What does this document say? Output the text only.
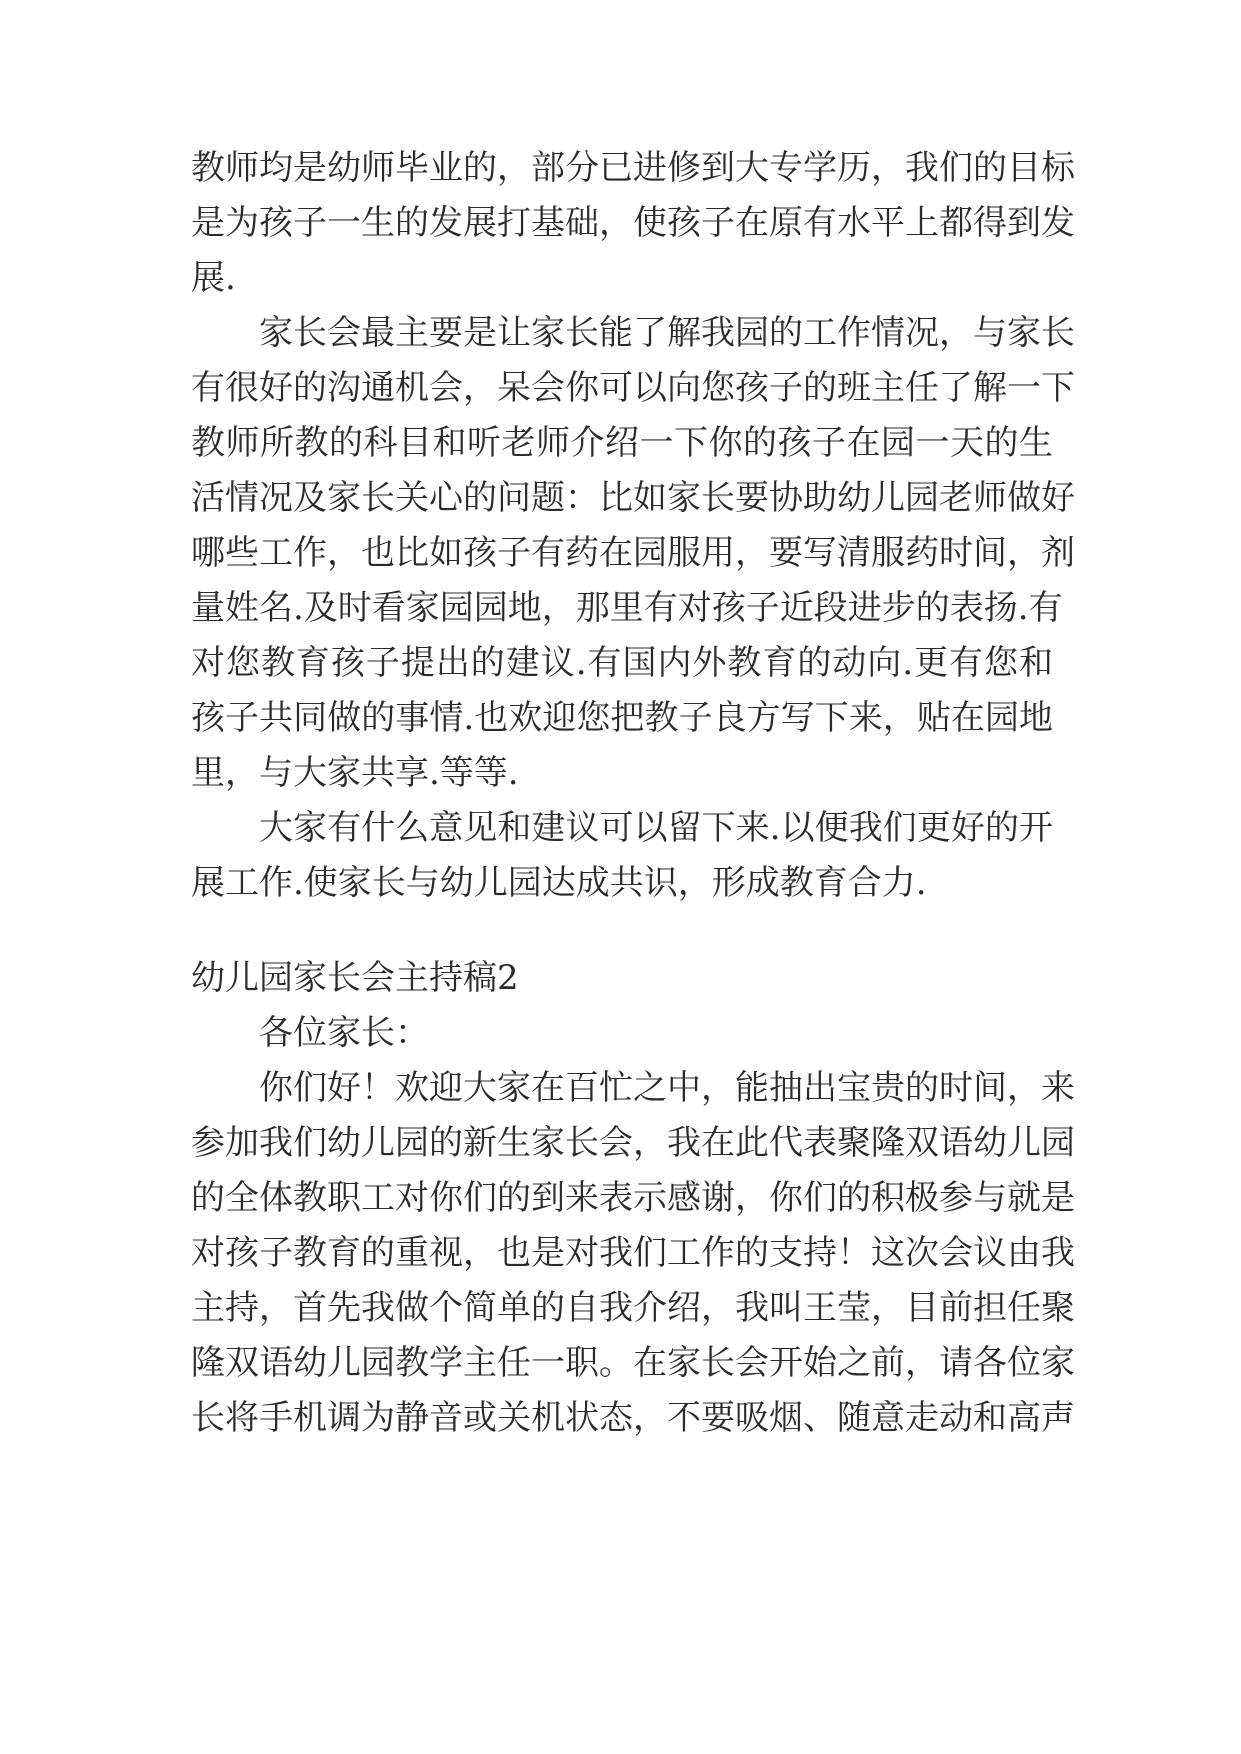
教师均是幼师毕业的，部分已进修到大专学历，我们的目标
是为孩子一生的发展打基础，使孩子在原有水平上都得到发
展.
家长会最主要是让家长能了解我园的工作情况，与家长
有很好的沟通机会，呆会你可以向您孩子的班主任了解一下
教师所教的科目和听老师介绍一下你的孩子在园一天的生
活情况及家长关心的问题：比如家长要协助幼儿园老师做好
哪些工作，也比如孩子有药在园服用，要写清服药时间，剂
量姓名.及时看家园园地，那里有对孩子近段进步的表扬.有
对您教育孩子提出的建议.有国内外教育的动向.更有您和
孩子共同做的事情.也欢迎您把教子良方写下来，贴在园地
里，与大家共享.等等.
大家有什么意见和建议可以留下来.以便我们更好的开
展工作.使家长与幼儿园达成共识，形成教育合力.
幼儿园家长会主持稿2
各位家长：
你们好！欢迎大家在百忙之中，能抽出宝贵的时间，来
参加我们幼儿园的新生家长会，我在此代表聚隆双语幼儿园
的全体教职工对你们的到来表示感谢，你们的积极参与就是
对孩子教育的重视，也是对我们工作的支持！这次会议由我
主持，首先我做个简单的自我介绍，我叫王莹，目前担任聚
隆双语幼儿园教学主任一职。在家长会开始之前，请各位家
长将手机调为静音或关机状态，不要吸烟、随意走动和高声
